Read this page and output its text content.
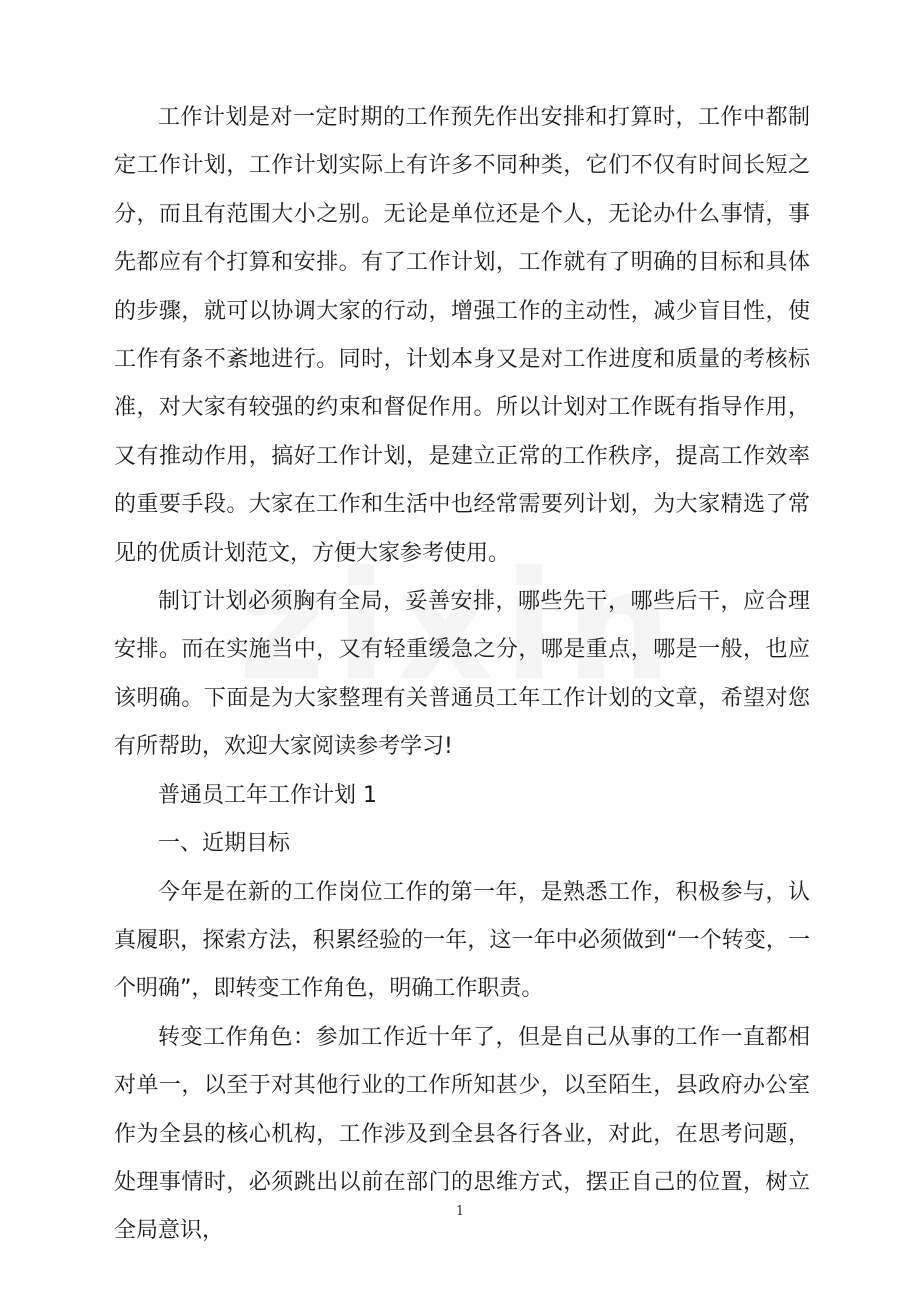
工作计划是对一定时期的工作预先作出安排和打算时，工作中都制定工作计划，工作计划实际上有许多不同种类，它们不仅有时间长短之分，而且有范围大小之别。无论是单位还是个人，无论办什么事情，事先都应有个打算和安排。有了工作计划，工作就有了明确的目标和具体的步骤，就可以协调大家的行动，增强工作的主动性，减少盲目性，使工作有条不紊地进行。同时，计划本身又是对工作进度和质量的考核标准，对大家有较强的约束和督促作用。所以计划对工作既有指导作用，又有推动作用，搞好工作计划，是建立正常的工作秩序，提高工作效率的重要手段。大家在工作和生活中也经常需要列计划，为大家精选了常见的优质计划范文，方便大家参考使用。

制订计划必须胸有全局，妥善安排，哪些先干，哪些后干，应合理安排。而在实施当中，又有轻重缓急之分，哪是重点，哪是一般，也应该明确。下面是为大家整理有关普通员工年工作计划的文章，希望对您有所帮助，欢迎大家阅读参考学习!

普通员工年工作计划 1

一、近期目标

今年是在新的工作岗位工作的第一年，是熟悉工作，积极参与，认真履职，探索方法，积累经验的一年，这一年中必须做到“一个转变，一个明确”，即转变工作角色，明确工作职责。

转变工作角色：参加工作近十年了，但是自己从事的工作一直都相对单一，以至于对其他行业的工作所知甚少，以至陌生，县政府办公室作为全县的核心机构，工作涉及到全县各行各业，对此，在思考问题，处理事情时，必须跳出以前在部门的思维方式，摆正自己的位置，树立全局意识，

1
